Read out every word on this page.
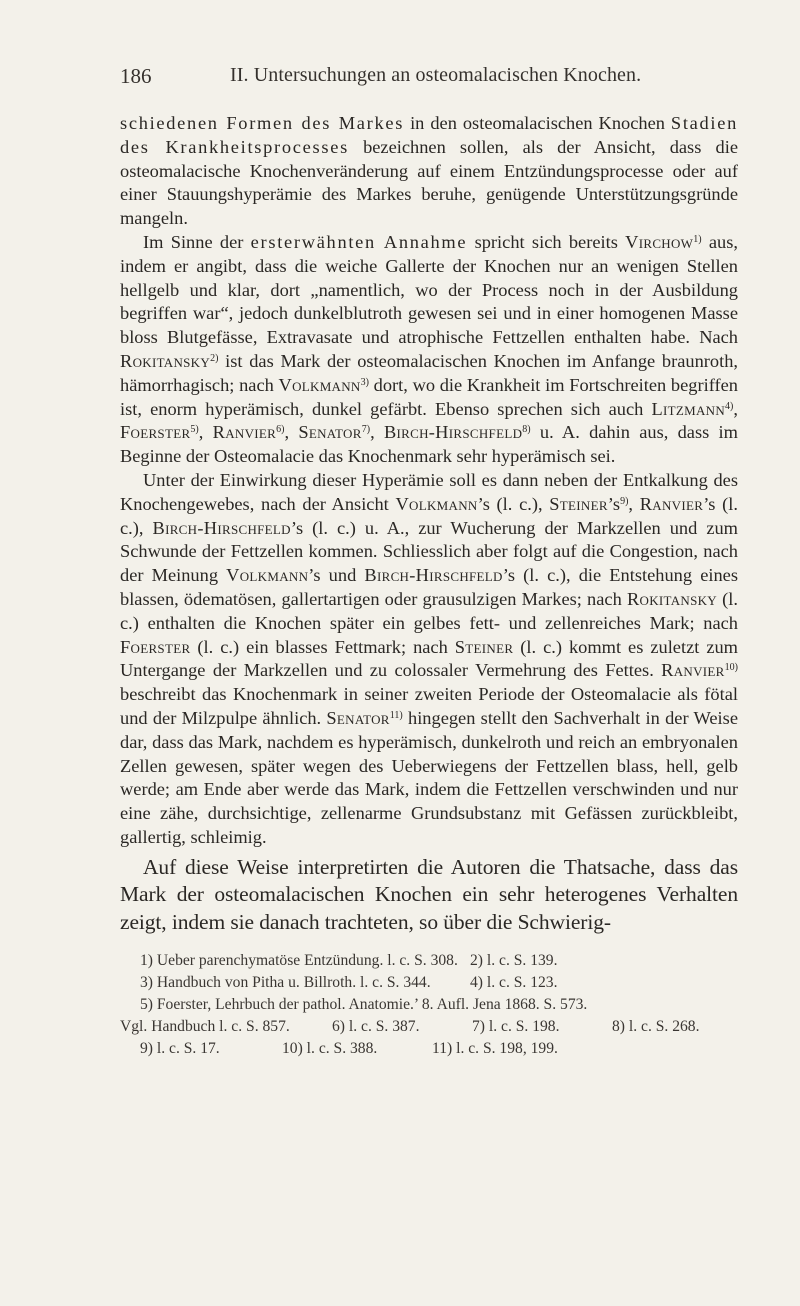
186	II. Untersuchungen an osteomalacischen Knochen.

schiedenen Formen des Markes in den osteomalacischen Knochen Stadien des Krankheitsprocesses bezeichnen sollen, als der Ansicht, dass die osteomalacische Knochenveränderung auf einem Entzündungsprocesse oder auf einer Stauungshyperämie des Markes beruhe, genügende Unterstützungsgründe mangeln.

Im Sinne der ersterwähnten Annahme spricht sich bereits Virchow$^{1)}$ aus, indem er angibt, dass die weiche Gallerte der Knochen nur an wenigen Stellen hellgelb und klar, dort „namentlich, wo der Process noch in der Ausbildung begriffen war“, jedoch dunkelblutroth gewesen sei und in einer homogenen Masse bloss Blutgefässe, Extravasate und atrophische Fettzellen enthalten habe. Nach Rokitansky$^{2)}$ ist das Mark der osteomalacischen Knochen im Anfange braunroth, hämorrhagisch; nach Volkmann$^{3)}$ dort, wo die Krankheit im Fortschreiten begriffen ist, enorm hyperämisch, dunkel gefärbt. Ebenso sprechen sich auch Litzmann$^{4)}$, Foerster$^{5)}$, Ranvier$^{6)}$, Senator$^{7)}$, Birch-Hirschfeld$^{8)}$ u. A. dahin aus, dass im Beginne der Osteomalacie das Knochenmark sehr hyperämisch sei.

Unter der Einwirkung dieser Hyperämie soll es dann neben der Entkalkung des Knochengewebes, nach der Ansicht Volkmann’s (l. c.), $Steiner’s^{9)}$, Ranvier’s (l. c.), Birch-Hirschfeld’s (l. c.) u. A., zur Wucherung der Markzellen und zum Schwunde der Fettzellen kommen. Schliesslich aber folgt auf die Congestion, nach der Meinung Volkmann’s und Birch-Hirschfeld’s (l. c.), die Entstehung eines blassen, ödematösen, gallertartigen oder grausulzigen Markes; nach Rokitansky (l. c.) enthalten die Knochen später ein gelbes fett- und zellenreiches Mark; nach Foerster (l. c.) ein blasses Fettmark; nach Steiner (l. c.) kommt es zuletzt zum Untergange der Markzellen und zu colossaler Vermehrung des Fettes. Ranvier$^{10)}$ beschreibt das Knochenmark in seiner zweiten Periode der Osteomalacie als fötal und der Milzpulpe ähnlich. Senator$^{11)}$ hingegen stellt den Sachverhalt in der Weise dar, dass das Mark, nachdem es hyperämisch, dunkelroth und reich an embryonalen Zellen gewesen, später wegen des Ueberwiegens der Fettzellen blass, hell, gelb werde; am Ende aber werde das Mark, indem die Fettzellen verschwinden und nur eine zähe, durchsichtige, zellenarme Grundsubstanz mit Gefässen zurückbleibt, gallertig, schleimig.

Auf diese Weise interpretirten die Autoren die Thatsache, dass das Mark der osteomalacischen Knochen ein sehr heterogenes Verhalten zeigt, indem sie danach trachteten, so über die Schwierig-

1) Ueber parenchymatöse Entzündung. l. c. S. 308. 2) l. c. S. 139.
3) Handbuch von Pitha u. Billroth. l. c. S. 344.	4) l. c. S. 123.
5) Foerster, Lehrbuch der pathol. Anatomie.’ 8. Aufl. Jena 1868. S. 573.
Vgl. Handbuch l. c. S. 857.	6) l. c. S. 387.	7) l. c. S. 198.	8) l. c. S. 268.
9) l. c. S. 17.	10) l. c. S. 388.	11) l. c. S. 198, 199.
